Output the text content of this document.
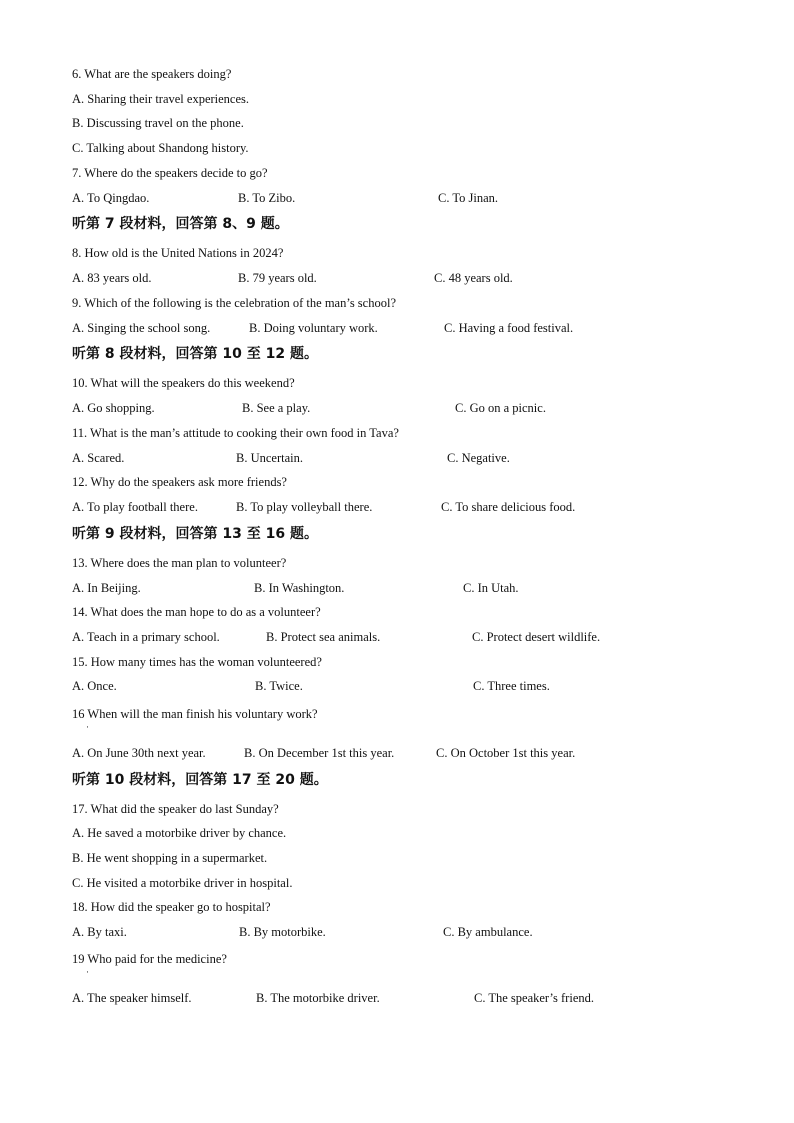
6. What are the speakers doing?
A. Sharing their travel experiences.
B. Discussing travel on the phone.
C. Talking about Shandong history.
7. Where do the speakers decide to go?
A. To Qingdao.	B. To Zibo.	C. To Jinan.
听第 7 段材料，回答第 8、9 题。
8. How old is the United Nations in 2024?
A. 83 years old.	B. 79 years old.	C. 48 years old.
9. Which of the following is the celebration of the man’s school?
A. Singing the school song.	B. Doing voluntary work.	C. Having a food festival.
听第 8 段材料，回答第 10 至 12 题。
10. What will the speakers do this weekend?
A. Go shopping.	B. See a play.	C. Go on a picnic.
11. What is the man’s attitude to cooking their own food in Tava?
A. Scared.	B. Uncertain.	C. Negative.
12. Why do the speakers ask more friends?
A. To play football there.	B. To play volleyball there.	C. To share delicious food.
听第 9 段材料，回答第 13 至 16 题。
13. Where does the man plan to volunteer?
A. In Beijing.	B. In Washington.	C. In Utah.
14. What does the man hope to do as a volunteer?
A. Teach in a primary school.	B. Protect sea animals.	C. Protect desert wildlife.
15. How many times has the woman volunteered?
A. Once.	B. Twice.	C. Three times.
16 When will the man finish his voluntary work?
·
A. On June 30th next year.	B. On December 1st this year.	C. On October 1st this year.
听第 10 段材料，回答第 17 至 20 题。
17. What did the speaker do last Sunday?
A. He saved a motorbike driver by chance.
B. He went shopping in a supermarket.
C. He visited a motorbike driver in hospital.
18. How did the speaker go to hospital?
A. By taxi.	B. By motorbike.	C. By ambulance.
19 Who paid for the medicine?
·
A. The speaker himself.	B. The motorbike driver.	C. The speaker’s friend.
